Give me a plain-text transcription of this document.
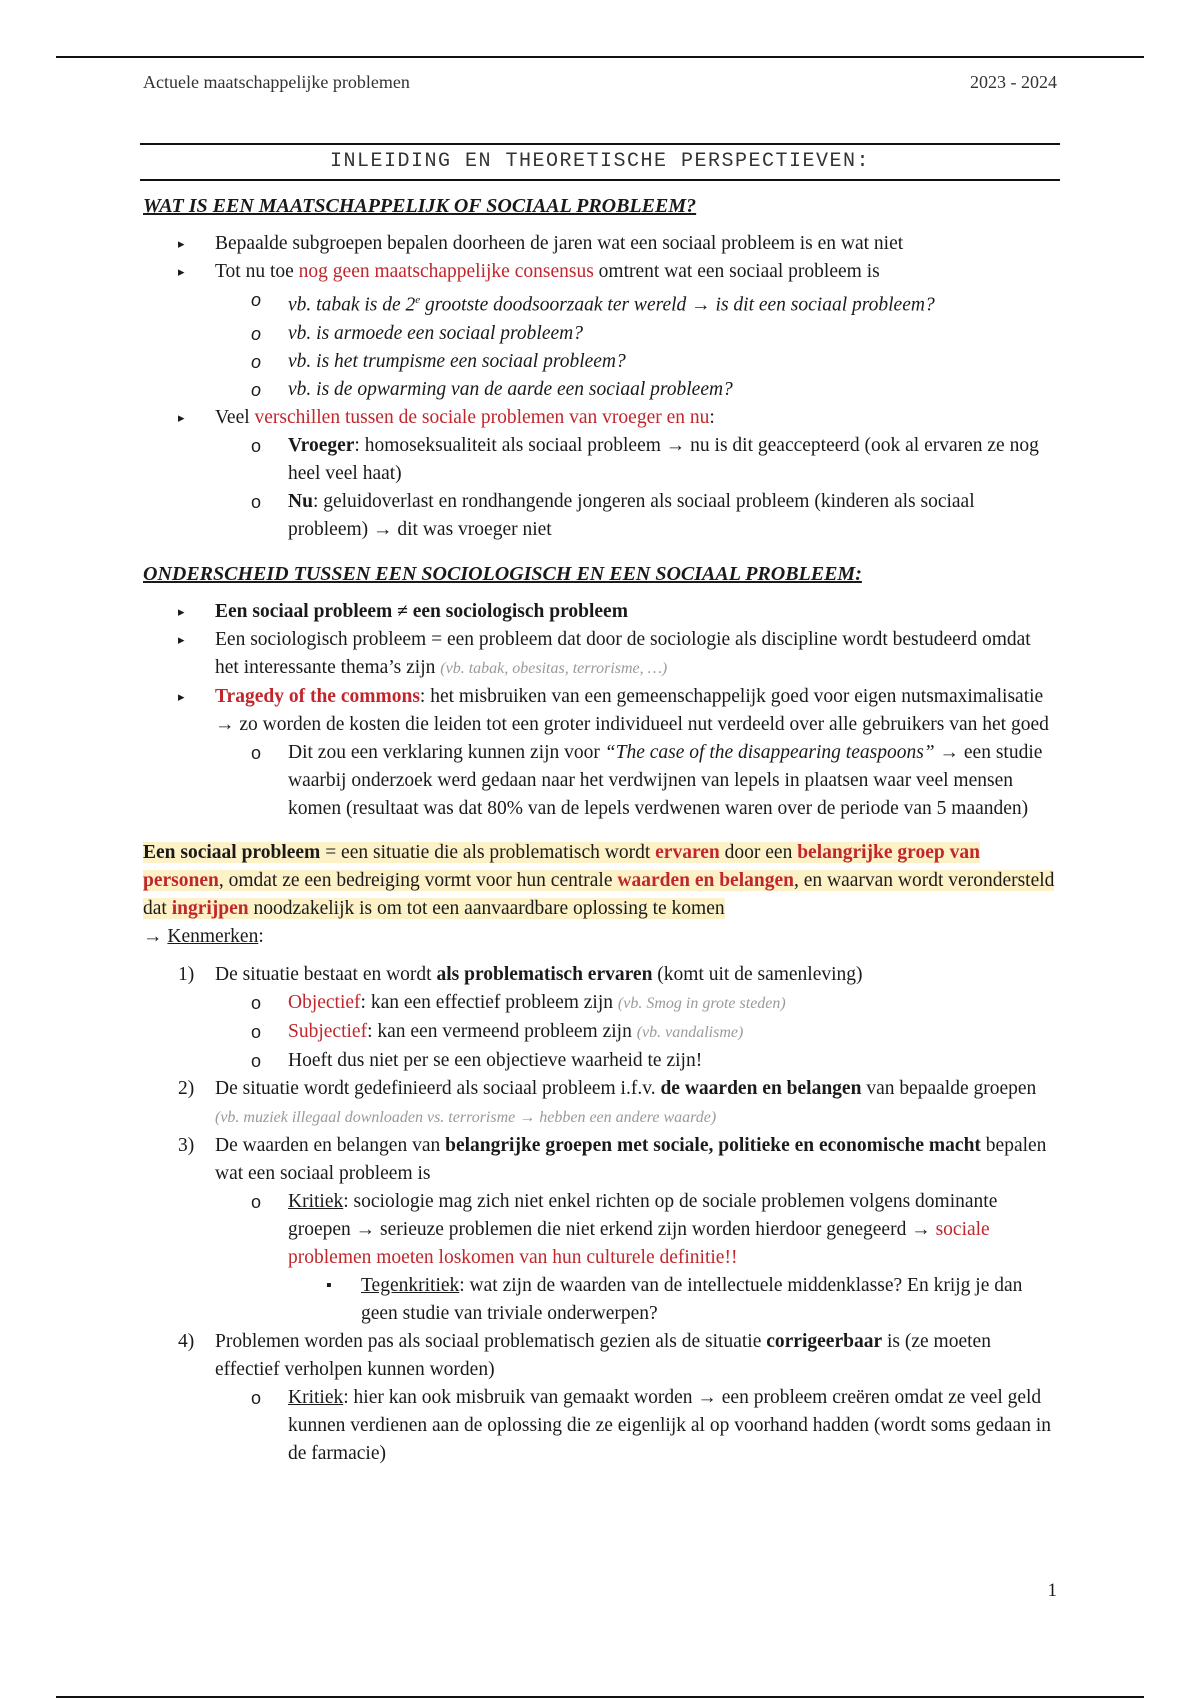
Actuele maatschappelijke problemen	2023 - 2024
INLEIDING EN THEORETISCHE PERSPECTIEVEN:

WAT IS EEN MAATSCHAPPELIJK OF SOCIAAL PROBLEEM?

▸ Bepaalde subgroepen bepalen doorheen de jaren wat een sociaal probleem is en wat niet
▸ Tot nu toe nog geen maatschappelijke consensus omtrent wat een sociaal probleem is
o vb. tabak is de 2e grootste doodsoorzaak ter wereld → is dit een sociaal probleem?
o vb. is armoede een sociaal probleem?
o vb. is het trumpisme een sociaal probleem?
o vb. is de opwarming van de aarde een sociaal probleem?
▸ Veel verschillen tussen de sociale problemen van vroeger en nu:
o Vroeger: homoseksualiteit als sociaal probleem → nu is dit geaccepteerd (ook al ervaren ze nog heel veel haat)
o Nu: geluidoverlast en rondhangende jongeren als sociaal probleem (kinderen als sociaal probleem) → dit was vroeger niet

ONDERSCHEID TUSSEN EEN SOCIOLOGISCH EN EEN SOCIAAL PROBLEEM:

▸ Een sociaal probleem ≠ een sociologisch probleem
▸ Een sociologisch probleem = een probleem dat door de sociologie als discipline wordt bestudeerd omdat het interessante thema’s zijn (vb. tabak, obesitas, terrorisme, …)
▸ Tragedy of the commons: het misbruiken van een gemeenschappelijk goed voor eigen nutsmaximalisatie → zo worden de kosten die leiden tot een groter individueel nut verdeeld over alle gebruikers van het goed
o Dit zou een verklaring kunnen zijn voor “The case of the disappearing teaspoons” → een studie waarbij onderzoek werd gedaan naar het verdwijnen van lepels in plaatsen waar veel mensen komen (resultaat was dat 80% van de lepels verdwenen waren over de periode van 5 maanden)
Een sociaal probleem = een situatie die als problematisch wordt ervaren door een belangrijke groep van personen, omdat ze een bedreiging vormt voor hun centrale waarden en belangen, en waarvan wordt verondersteld dat ingrijpen noodzakelijk is om tot een aanvaardbare oplossing te komen
→ Kenmerken:
1) De situatie bestaat en wordt als problematisch ervaren (komt uit de samenleving)
o Objectief: kan een effectief probleem zijn (vb. Smog in grote steden)
o Subjectief: kan een vermeend probleem zijn (vb. vandalisme)
o Hoeft dus niet per se een objectieve waarheid te zijn!
2) De situatie wordt gedefinieerd als sociaal probleem i.f.v. de waarden en belangen van bepaalde groepen (vb. muziek illegaal downloaden vs. terrorisme → hebben een andere waarde)
3) De waarden en belangen van belangrijke groepen met sociale, politieke en economische macht bepalen wat een sociaal probleem is
o Kritiek: sociologie mag zich niet enkel richten op de sociale problemen volgens dominante groepen → serieuze problemen die niet erkend zijn worden hierdoor genegeerd → sociale problemen moeten loskomen van hun culturele definitie!!
▪ Tegenkritiek: wat zijn de waarden van de intellectuele middenklasse? En krijg je dan geen studie van triviale onderwerpen?
4) Problemen worden pas als sociaal problematisch gezien als de situatie corrigeerbaar is (ze moeten effectief verholpen kunnen worden)
o Kritiek: hier kan ook misbruik van gemaakt worden → een probleem creëren omdat ze veel geld kunnen verdienen aan de oplossing die ze eigenlijk al op voorhand hadden (wordt soms gedaan in de farmacie)
1
